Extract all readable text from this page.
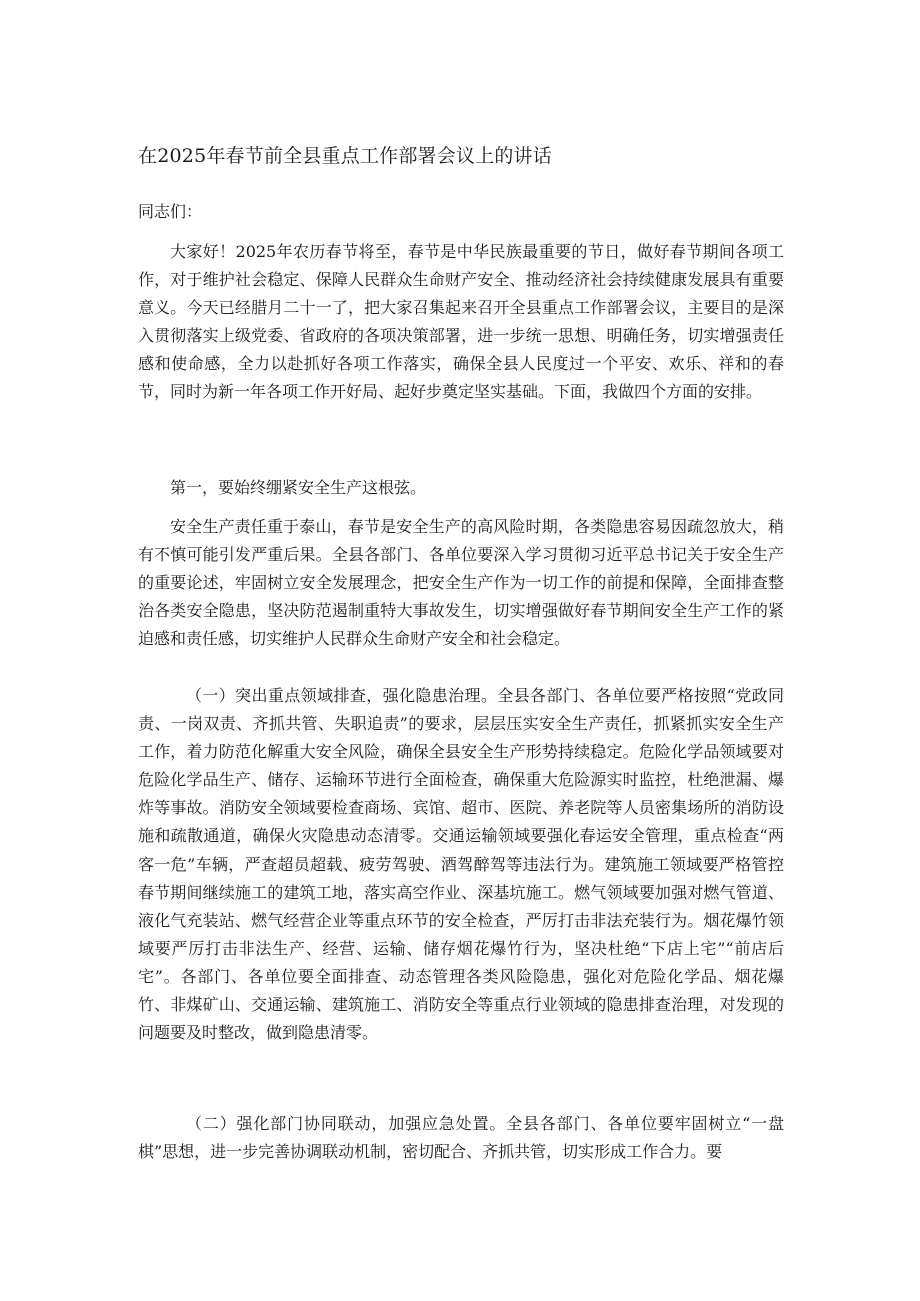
在2025年春节前全县重点工作部署会议上的讲话
同志们：

大家好！2025年农历春节将至，春节是中华民族最重要的节日，做好春节期间各项工作，对于维护社会稳定、保障人民群众生命财产安全、推动经济社会持续健康发展具有重要意义。今天已经腊月二十一了，把大家召集起来召开全县重点工作部署会议，主要目的是深入贯彻落实上级党委、省政府的各项决策部署，进一步统一思想、明确任务，切实增强责任感和使命感，全力以赴抓好各项工作落实，确保全县人民度过一个平安、欢乐、祥和的春节，同时为新一年各项工作开好局、起好步奠定坚实基础。下面，我做四个方面的安排。

第一，要始终绷紧安全生产这根弦。

安全生产责任重于泰山，春节是安全生产的高风险时期，各类隐患容易因疏忽放大，稍有不慎可能引发严重后果。全县各部门、各单位要深入学习贯彻习近平总书记关于安全生产的重要论述，牢固树立安全发展理念，把安全生产作为一切工作的前提和保障，全面排查整治各类安全隐患，坚决防范遏制重特大事故发生，切实增强做好春节期间安全生产工作的紧迫感和责任感，切实维护人民群众生命财产安全和社会稳定。

（一）突出重点领域排查，强化隐患治理。全县各部门、各单位要严格按照“党政同责、一岗双责、齐抓共管、失职追责”的要求，层层压实安全生产责任，抓紧抓实安全生产工作，着力防范化解重大安全风险，确保全县安全生产形势持续稳定。危险化学品领域要对危险化学品生产、储存、运输环节进行全面检查，确保重大危险源实时监控，杜绝泄漏、爆炸等事故。消防安全领域要检查商场、宾馆、超市、医院、养老院等人员密集场所的消防设施和疏散通道，确保火灾隐患动态清零。交通运输领域要强化春运安全管理，重点检查“两客一危”车辆，严查超员超载、疲劳驾驶、酒驾醉驾等违法行为。建筑施工领域要严格管控春节期间继续施工的建筑工地，落实高空作业、深基坑施工。燃气领域要加强对燃气管道、液化气充装站、燃气经营企业等重点环节的安全检查，严厉打击非法充装行为。烟花爆竹领域要严厉打击非法生产、经营、运输、储存烟花爆竹行为，坚决杜绝“下店上宅”“前店后宅”。各部门、各单位要全面排查、动态管理各类风险隐患，强化对危险化学品、烟花爆竹、非煤矿山、交通运输、建筑施工、消防安全等重点行业领域的隐患排查治理，对发现的问题要及时整改，做到隐患清零。

（二）强化部门协同联动，加强应急处置。全县各部门、各单位要牢固树立“一盘棋”思想，进一步完善协调联动机制，密切配合、齐抓共管，切实形成工作合力。要
